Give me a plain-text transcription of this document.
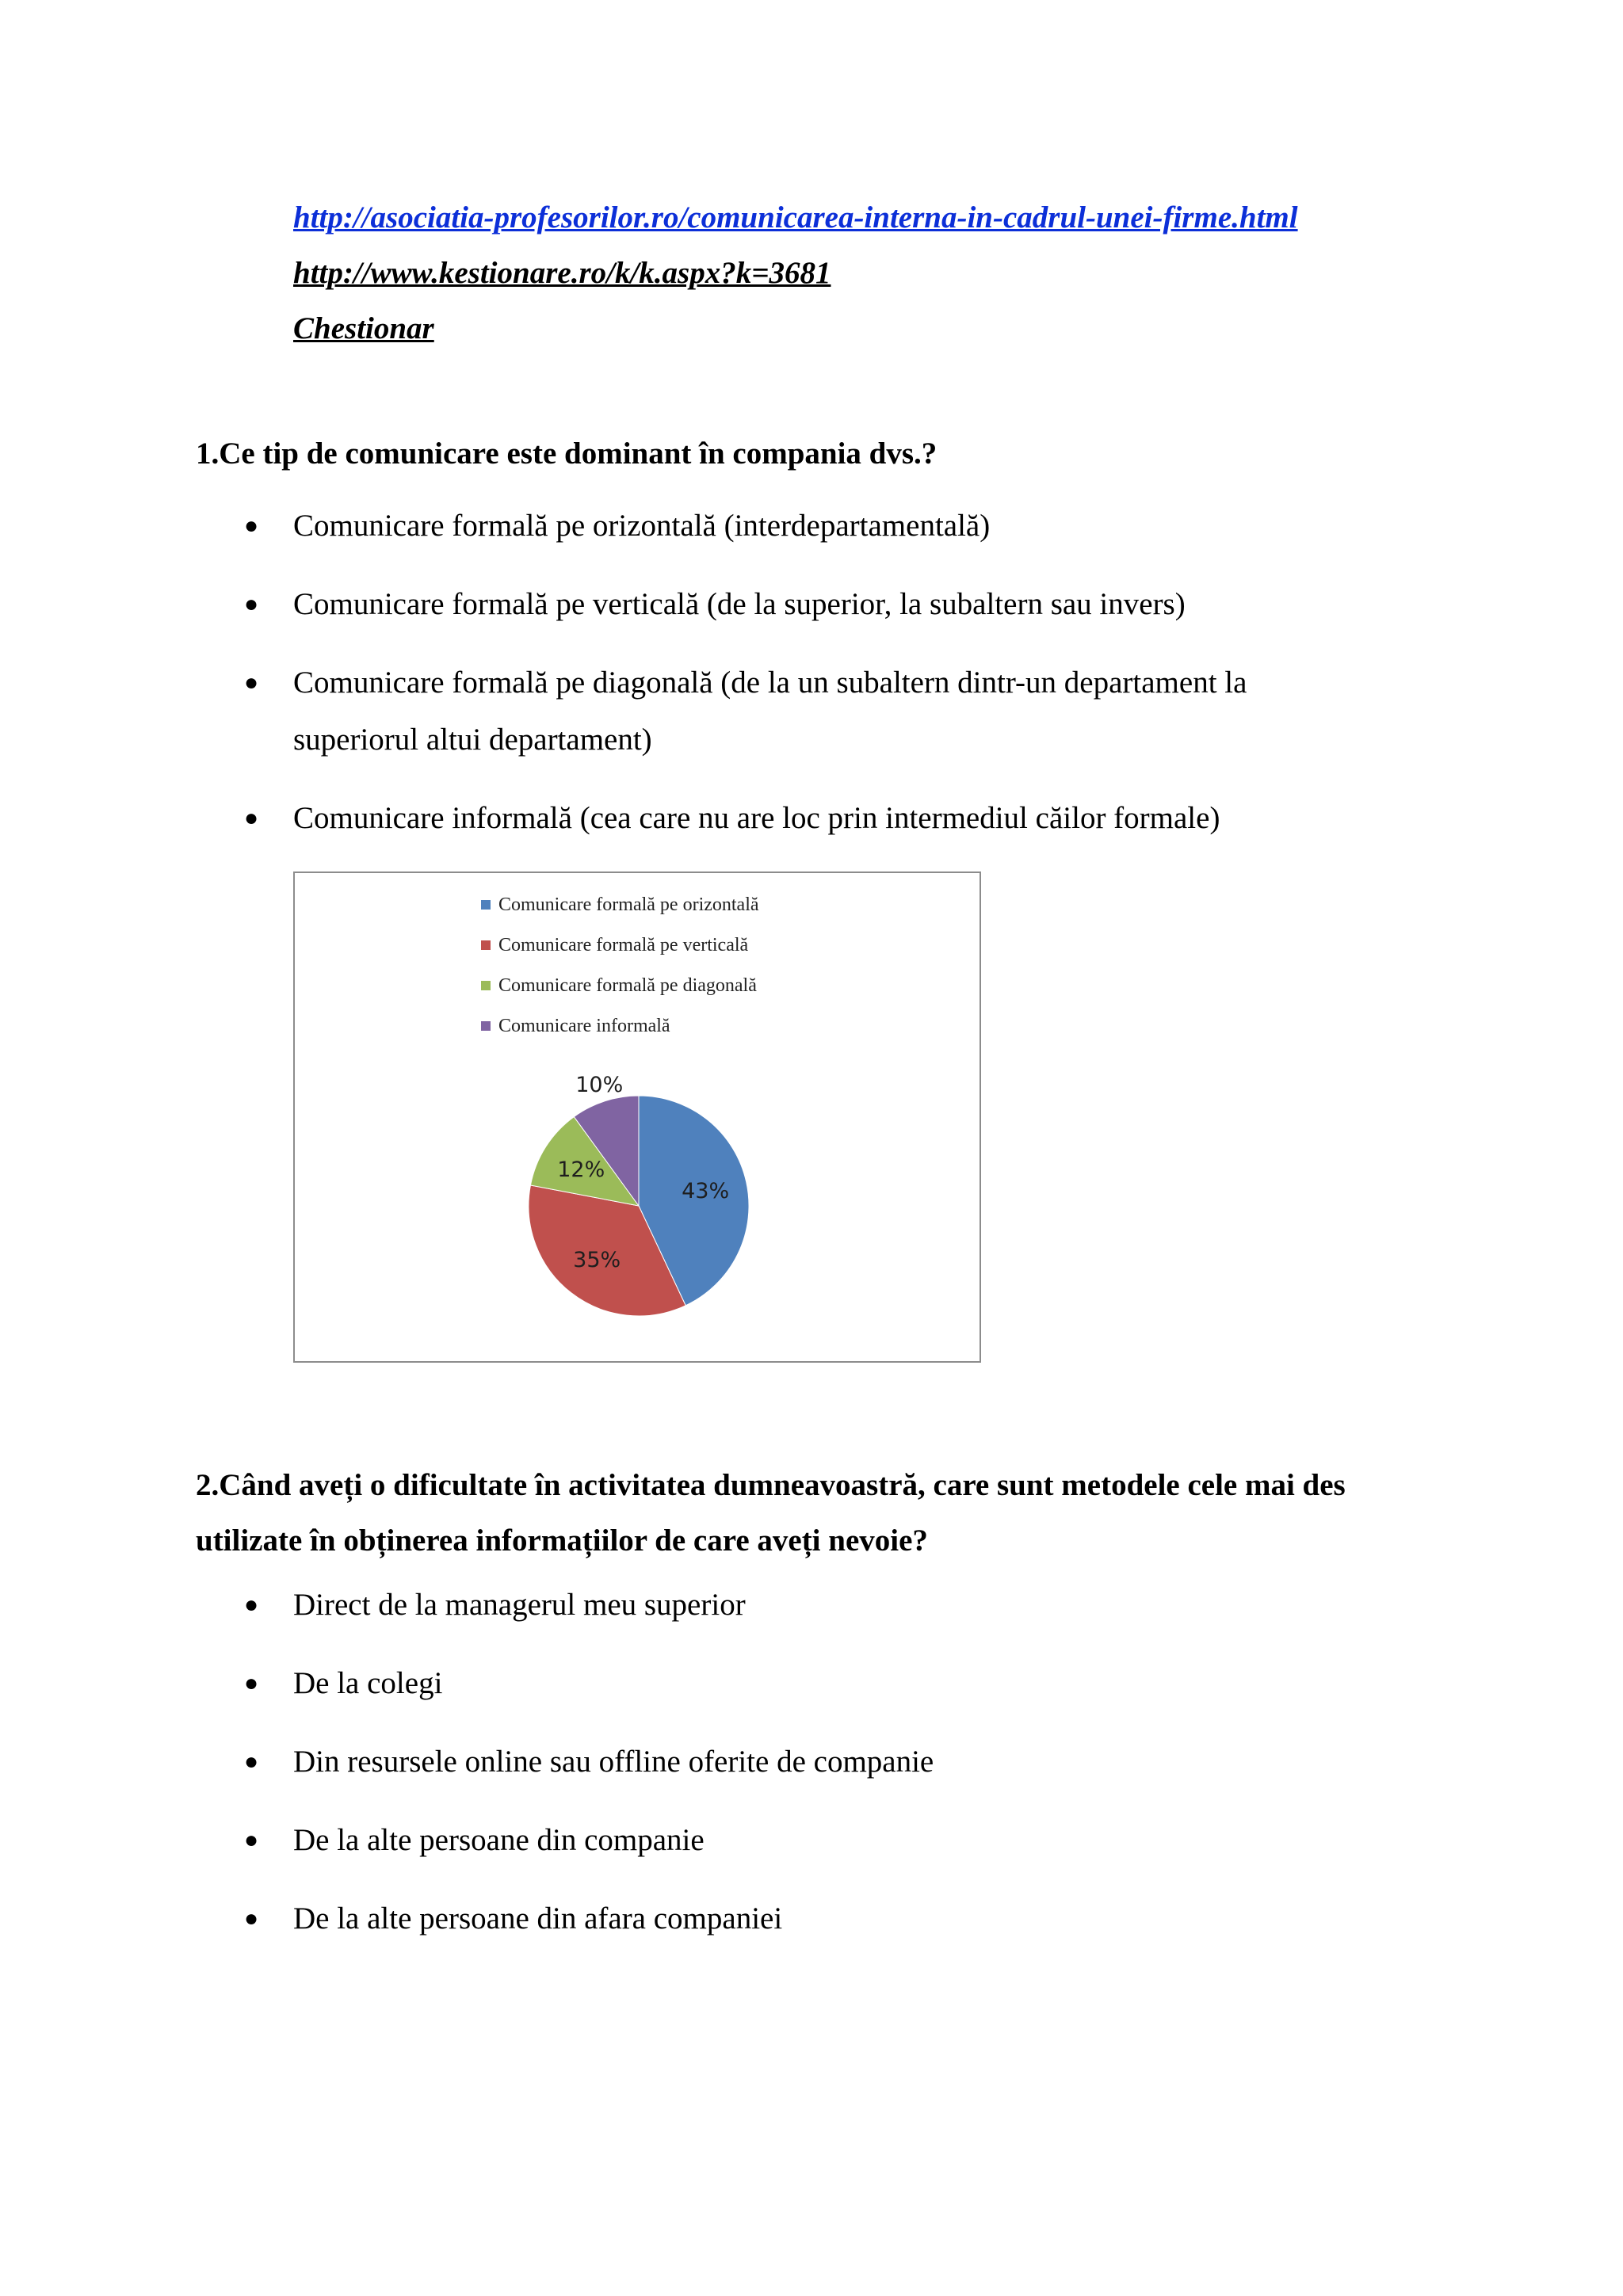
http://asociatia-profesorilor.ro/comunicarea-interna-in-cadrul-unei-firme.html
http://www.kestionare.ro/k/k.aspx?k=3681
Chestionar
1.Ce tip de comunicare este dominant în compania dvs.?
● Comunicare formală pe orizontală (interdepartamentală)
● Comunicare formală pe verticală (de la superior, la subaltern sau invers)
● Comunicare formală pe diagonală (de la un subaltern dintr-un departament la superiorul altui departament)
● Comunicare informală (cea care nu are loc prin intermediul căilor formale)
Comunicare formală pe orizontală
Comunicare formală pe verticală
Comunicare formală pe diagonală
Comunicare informală
43%
35%
12%
10%
2.Când aveți o dificultate în activitatea dumneavoastră, care sunt metodele cele mai des utilizate în obținerea informațiilor de care aveți nevoie?
● Direct de la managerul meu superior
● De la colegi
● Din resursele online sau offline oferite de companie
● De la alte persoane din companie
● De la alte persoane din afara companiei
